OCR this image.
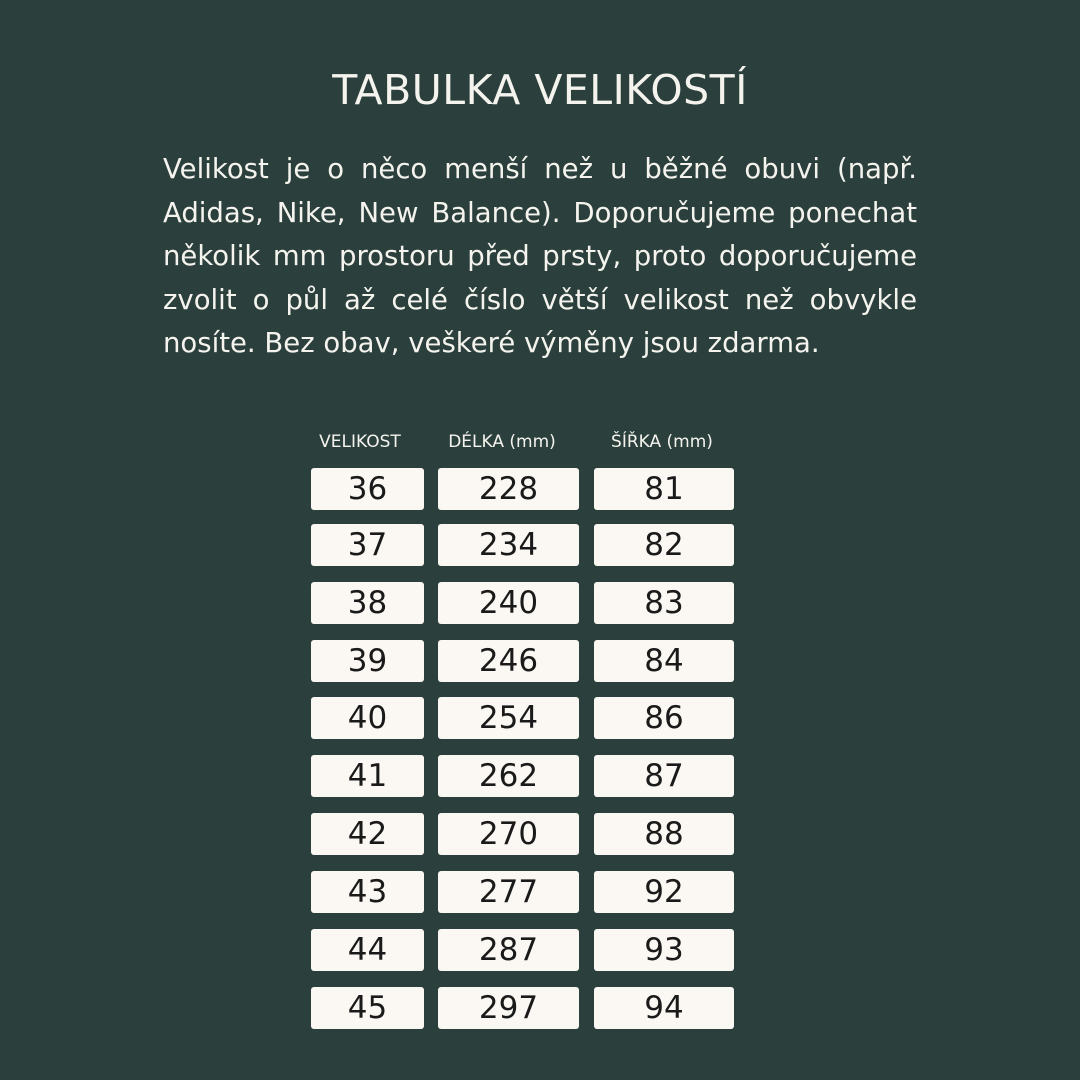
TABULKA VELIKOSTÍ

Velikost je o něco menší než u běžné obuvi (např. Adidas, Nike, New Balance). Doporučujeme ponechat několik mm prostoru před prsty, proto doporučujeme zvolit o půl až celé číslo větší velikost než obvykle nosíte. Bez obav, veškeré výměny jsou zdarma.

VELIKOST	DÉLKA (mm)	ŠÍŘKA (mm)
36	228	81
37	234	82
38	240	83
39	246	84
40	254	86
41	262	87
42	270	88
43	277	92
44	287	93
45	297	94
